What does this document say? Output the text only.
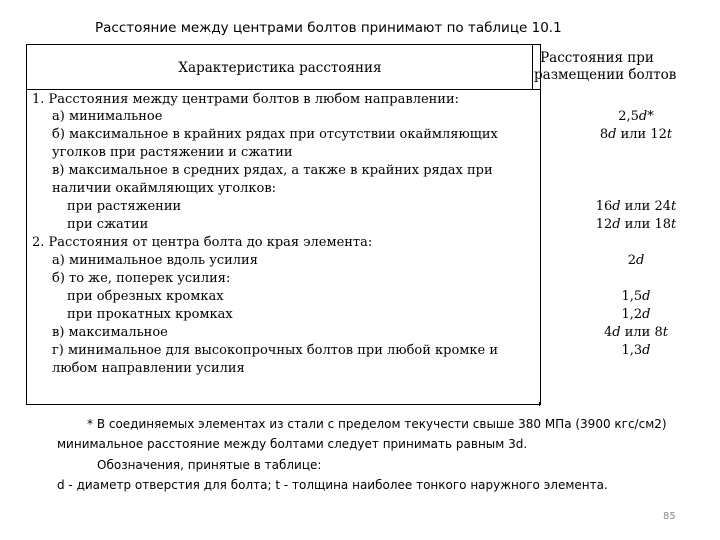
Расстояние между центрами болтов принимают по таблице 10.1
Характеристика расстояния
Расстояния при
размещении болтов
1. Расстояния между центрами болтов в любом направлении:
а) минимальное	2,5d*
б) максимальное в крайних рядах при отсутствии окаймляющих	8d или 12t
уголков при растяжении и сжатии
в) максимальное в средних рядах, а также в крайних рядах при
наличии окаймляющих уголков:
при растяжении	16d или 24t
при сжатии	12d или 18t
2. Расстояния от центра болта до края элемента:
а) минимальное вдоль усилия	2d
б) то же, поперек усилия:
при обрезных кромках	1,5d
при прокатных кромках	1,2d
в) максимальное	4d или 8t
г) минимальное для высокопрочных болтов при любой кромке и	1,3d
любом направлении усилия
* В соединяемых элементах из стали с пределом текучести свыше 380 МПа (3900 кгс/см2)
минимальное расстояние между болтами следует принимать равным 3d.
Обозначения, принятые в таблице:
d - диаметр отверстия для болта; t - толщина наиболее тонкого наружного элемента.
85
